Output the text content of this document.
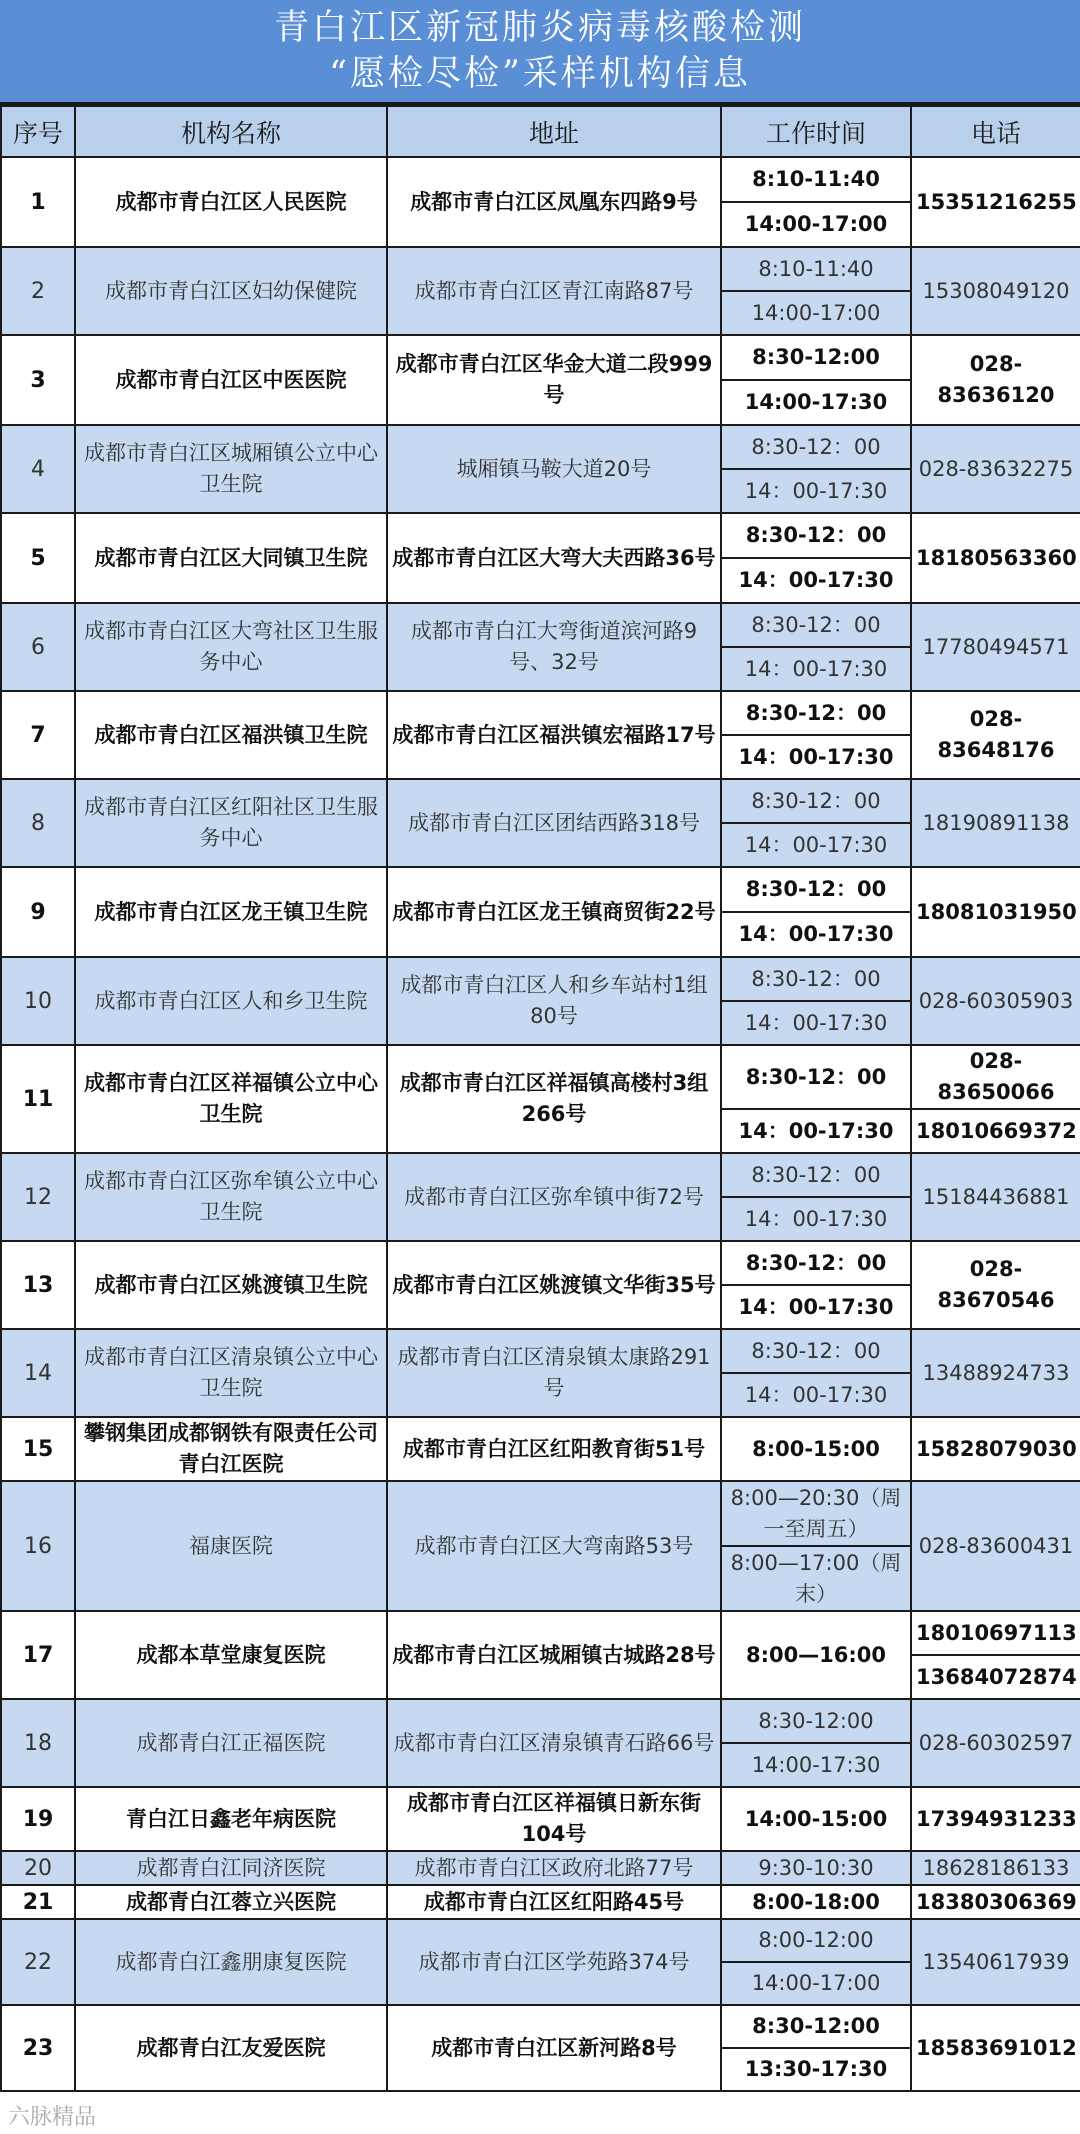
青白江区新冠肺炎病毒核酸检测
“愿检尽检”采样机构信息
序号	机构名称	地址	工作时间	电话
1	成都市青白江区人民医院	成都市青白江区凤凰东四路9号	8:10-11:40	15351216255
			14:00-17:00	
2	成都市青白江区妇幼保健院	成都市青白江区青江南路87号	8:10-11:40	15308049120
			14:00-17:00	
3	成都市青白江区中医医院	成都市青白江区华金大道二段999号	8:30-12:00	028-83636120
			14:00-17:30	
4	成都市青白江区城厢镇公立中心卫生院	城厢镇马鞍大道20号	8:30-12：00	028-83632275
			14：00-17:30	
5	成都市青白江区大同镇卫生院	成都市青白江区大弯大夫西路36号	8:30-12：00	18180563360
			14：00-17:30	
6	成都市青白江区大弯社区卫生服务中心	成都市青白江大弯街道滨河路9号、32号	8:30-12：00	17780494571
			14：00-17:30	
7	成都市青白江区福洪镇卫生院	成都市青白江区福洪镇宏福路17号	8:30-12：00	028-83648176
			14：00-17:30	
8	成都市青白江区红阳社区卫生服务中心	成都市青白江区团结西路318号	8:30-12：00	18190891138
			14：00-17:30	
9	成都市青白江区龙王镇卫生院	成都市青白江区龙王镇商贸街22号	8:30-12：00	18081031950
			14：00-17:30	
10	成都市青白江区人和乡卫生院	成都市青白江区人和乡车站村1组80号	8:30-12：00	028-60305903
			14：00-17:30	
11	成都市青白江区祥福镇公立中心卫生院	成都市青白江区祥福镇高楼村3组266号	8:30-12：00	028-83650066
			14：00-17:30	18010669372
12	成都市青白江区弥牟镇公立中心卫生院	成都市青白江区弥牟镇中街72号	8:30-12：00	15184436881
			14：00-17:30	
13	成都市青白江区姚渡镇卫生院	成都市青白江区姚渡镇文华街35号	8:30-12：00	028-83670546
			14：00-17:30	
14	成都市青白江区清泉镇公立中心卫生院	成都市青白江区清泉镇太康路291号	8:30-12：00	13488924733
			14：00-17:30	
15	攀钢集团成都钢铁有限责任公司青白江医院	成都市青白江区红阳教育街51号	8:00-15:00	15828079030
16	福康医院	成都市青白江区大弯南路53号	8:00—20:30（周一至周五）	028-83600431
			8:00—17:00（周末）	
17	成都本草堂康复医院	成都市青白江区城厢镇古城路28号	8:00—16:00	18010697113
				13684072874
18	成都青白江正福医院	成都市青白江区清泉镇青石路66号	8:30-12:00	028-60302597
			14:00-17:30	
19	青白江日鑫老年病医院	成都市青白江区祥福镇日新东街104号	14:00-15:00	17394931233
20	成都青白江同济医院	成都市青白江区政府北路77号	9:30-10:30	18628186133
21	成都青白江蓉立兴医院	成都市青白江区红阳路45号	8:00-18:00	18380306369
22	成都青白江鑫朋康复医院	成都市青白江区学苑路374号	8:00-12:00	13540617939
			14:00-17:00	
23	成都青白江友爱医院	成都市青白江区新河路8号	8:30-12:00	18583691012
			13:30-17:30	
六脉精品
